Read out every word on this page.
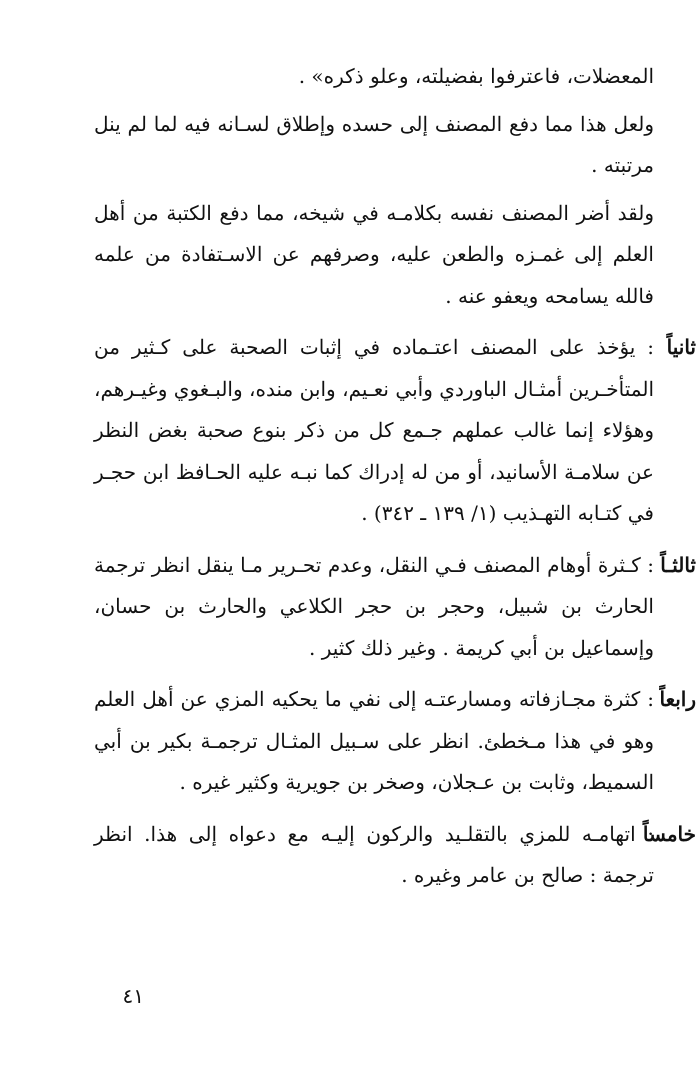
المعضلات، فاعترفوا بفضيلته، وعلو ذكره» .

ولعل هذا مما دفع المصنف إلى حسده وإطلاق لسـانه فيه لما لم ينل مرتبته .

ولقد أضر المصنف نفسه بكلامـه في شيخه، مما دفع الكتبة من أهل العلم إلى غمـزه والطعن عليه، وصرفهم عن الاسـتفادة من علمه فالله يسامحه ويعفو عنه .

ثانياً

: يؤخذ على المصنف اعتـماده في إثبات الصحبة على كـثير من المتأخـرين أمثـال الباوردي وأبي نعـيم، وابن منده، والبـغوي وغيـرهم، وهؤلاء إنما غالب عملهم جـمع كل من ذكر بنوع صحبة بغض النظر عن سلامـة الأسانيد، أو من له إدراك كما نبـه عليه الحـافظ ابن حجـر في كتـابه التهـذيب (١/ ١٣٩ ـ ٣٤٢) .

ثالثـاً

: كـثرة أوهام المصنف فـي النقل، وعدم تحـرير مـا ينقل انظر ترجمة الحارث بن شبيل، وحجر بن حجر الكلاعي والحارث بن حسان، وإسماعيل بن أبي كريمة . وغير ذلك كثير .

رابعاً

: كثرة مجـازفاته ومسارعتـه إلى نفي ما يحكيه المزي عن أهل العلم وهو في هذا مـخطئ. انظر على سـبيل المثـال ترجمـة بكير بن أبي السميط، وثابت بن عـجلان، وصخر بن جويرية وكثير غيره .

خامساً

: اتهامـه للمزي بالتقلـيد والركون إليـه مع دعواه إلى هذا. انظر ترجمة : صالح بن عامر وغيره .

٤١
